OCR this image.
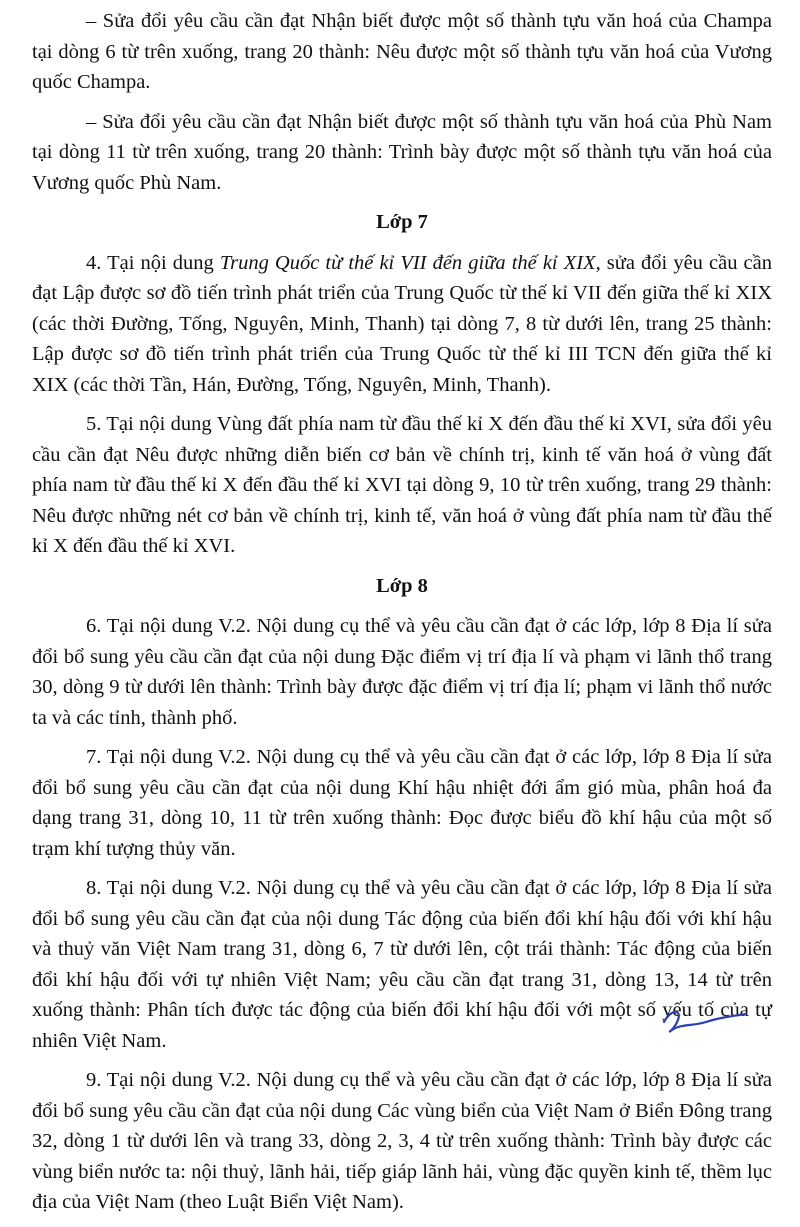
– Sửa đổi yêu cầu cần đạt Nhận biết được một số thành tựu văn hoá của Champa tại dòng 6 từ trên xuống, trang 20 thành: Nêu được một số thành tựu văn hoá của Vương quốc Champa.

– Sửa đổi yêu cầu cần đạt Nhận biết được một số thành tựu văn hoá của Phù Nam tại dòng 11 từ trên xuống, trang 20 thành: Trình bày được một số thành tựu văn hoá của Vương quốc Phù Nam.

Lớp 7

4. Tại nội dung Trung Quốc từ thế kỉ VII đến giữa thế kỉ XIX, sửa đổi yêu cầu cần đạt Lập được sơ đồ tiến trình phát triển của Trung Quốc từ thế kỉ VII đến giữa thế kỉ XIX (các thời Đường, Tống, Nguyên, Minh, Thanh) tại dòng 7, 8 từ dưới lên, trang 25 thành: Lập được sơ đồ tiến trình phát triển của Trung Quốc từ thế kỉ III TCN đến giữa thế kỉ XIX (các thời Tần, Hán, Đường, Tống, Nguyên, Minh, Thanh).

5. Tại nội dung Vùng đất phía nam từ đầu thế kỉ X đến đầu thế kỉ XVI, sửa đổi yêu cầu cần đạt Nêu được những diễn biến cơ bản về chính trị, kinh tế văn hoá ở vùng đất phía nam từ đầu thế kỉ X đến đầu thế kỉ XVI tại dòng 9, 10 từ trên xuống, trang 29 thành: Nêu được những nét cơ bản về chính trị, kinh tế, văn hoá ở vùng đất phía nam từ đầu thế kỉ X đến đầu thế kỉ XVI.

Lớp 8

6. Tại nội dung V.2. Nội dung cụ thể và yêu cầu cần đạt ở các lớp, lớp 8 Địa lí sửa đổi bổ sung yêu cầu cần đạt của nội dung Đặc điểm vị trí địa lí và phạm vi lãnh thổ trang 30, dòng 9 từ dưới lên thành: Trình bày được đặc điểm vị trí địa lí; phạm vi lãnh thổ nước ta và các tỉnh, thành phố.

7. Tại nội dung V.2. Nội dung cụ thể và yêu cầu cần đạt ở các lớp, lớp 8 Địa lí sửa đổi bổ sung yêu cầu cần đạt của nội dung Khí hậu nhiệt đới ẩm gió mùa, phân hoá đa dạng trang 31, dòng 10, 11 từ trên xuống thành: Đọc được biểu đồ khí hậu của một số trạm khí tượng thủy văn.

8. Tại nội dung V.2. Nội dung cụ thể và yêu cầu cần đạt ở các lớp, lớp 8 Địa lí sửa đổi bổ sung yêu cầu cần đạt của nội dung Tác động của biến đổi khí hậu đối với khí hậu và thuỷ văn Việt Nam trang 31, dòng 6, 7 từ dưới lên, cột trái thành: Tác động của biến đổi khí hậu đối với tự nhiên Việt Nam; yêu cầu cần đạt trang 31, dòng 13, 14 từ trên xuống thành: Phân tích được tác động của biến đổi khí hậu đối với một số yếu tố của tự nhiên Việt Nam.

9. Tại nội dung V.2. Nội dung cụ thể và yêu cầu cần đạt ở các lớp, lớp 8 Địa lí sửa đổi bổ sung yêu cầu cần đạt của nội dung Các vùng biển của Việt Nam ở Biển Đông trang 32, dòng 1 từ dưới lên và trang 33, dòng 2, 3, 4 từ trên xuống thành: Trình bày được các vùng biển nước ta: nội thuỷ, lãnh hải, tiếp giáp lãnh hải, vùng đặc quyền kinh tế, thềm lục địa của Việt Nam (theo Luật Biển Việt Nam).
